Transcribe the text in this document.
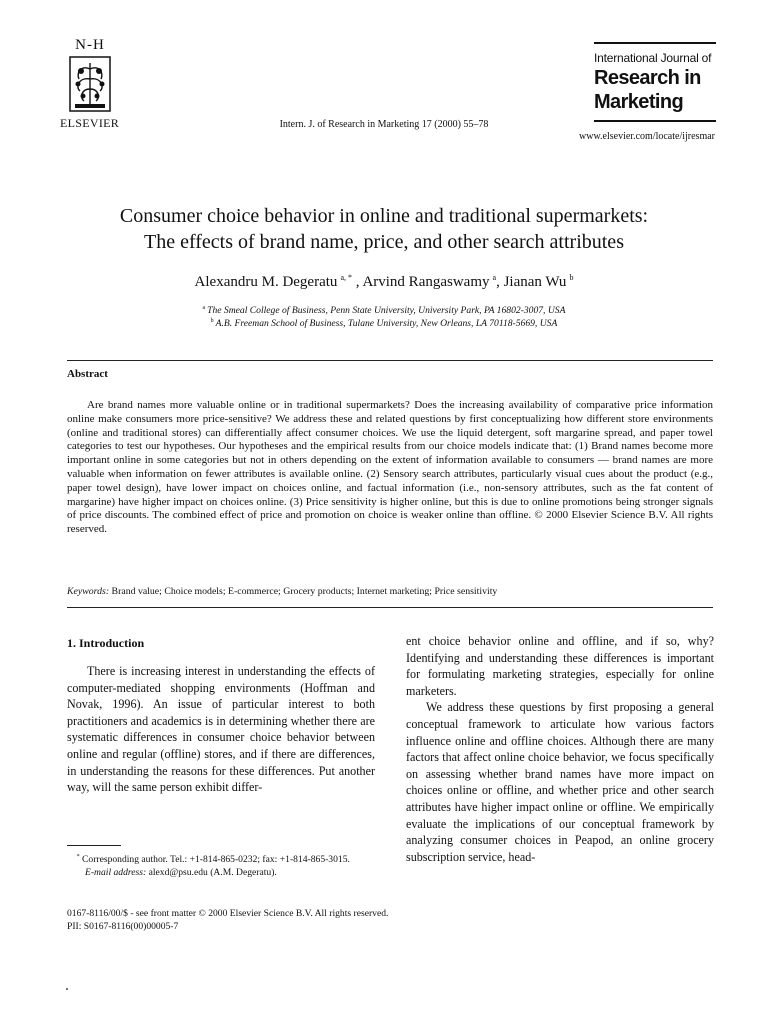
N-H
ELSEVIER	Intern. J. of Research in Marketing 17 (2000) 55–78
International Journal of
Research in
Marketing
www.elsevier.com/locate/ijresmar
Consumer choice behavior in online and traditional supermarkets:
The effects of brand name, price, and other search attributes
Alexandru M. Degeratu  $^{a, *}$ , Arvind Rangaswamy  $^a$, Jianan Wu  $^b$
$^a$  The Smeal College of Business, Penn State University, University Park, PA 16802-3007, USA
$^b$  A.B. Freeman School of Business, Tulane University, New Orleans, LA 70118-5669, USA
Abstract
Are brand names more valuable online or in traditional supermarkets? Does the increasing availability of comparative price information online make consumers more price-sensitive? We address these and related questions by first conceptualizing how different store environments (online and traditional stores) can differentially affect consumer choices. We use the liquid detergent, soft margarine spread, and paper towel categories to test our hypotheses. Our hypotheses and the empirical results from our choice models indicate that: (1) Brand names become more important online in some categories but not in others depending on the extent of information available to consumers — brand names are more valuable when information on fewer attributes is available online. (2) Sensory search attributes, particularly visual cues about the product (e.g., paper towel design), have lower impact on choices online, and factual information (i.e., non-sensory attributes, such as the fat content of margarine) have higher impact on choices online. (3) Price sensitivity is higher online, but this is due to online promotions being stronger signals of price discounts. The combined effect of price and promotion on choice is weaker online than offline. © 2000 Elsevier Science B.V. All rights reserved.
Keywords: Brand value; Choice models; E-commerce; Grocery products; Internet marketing; Price sensitivity
1. Introduction

There is increasing interest in understanding the effects of computer-mediated shopping environments (Hoffman and Novak, 1996). An issue of particular interest to both practitioners and academics is in determining whether there are systematic differences in consumer choice behavior between online and regular (offline) stores, and if there are differences, in understanding the reasons for these differences. Put another way, will the same person exhibit differ-

ent choice behavior online and offline, and if so, why? Identifying and understanding these differences is important for formulating marketing strategies, especially for online marketers.

We address these questions by first proposing a general conceptual framework to articulate how various factors influence online and offline choices. Although there are many factors that affect online choice behavior, we focus specifically on assessing whether brand names have more impact on choices online or offline, and whether price and other search attributes have higher impact online or offline. We empirically evaluate the implications of our conceptual framework by analyzing consumer choices in Peapod, an online grocery subscription service, head-

 * Corresponding author. Tel.: +1-814-865-0232; fax: +1-814-865-3015.
E-mail address: alexd@psu.edu (A.M. Degeratu).
0167-8116/00/$ - see front matter © 2000 Elsevier Science B.V. All rights reserved.
PII: S0167-8116(00)00005-7
